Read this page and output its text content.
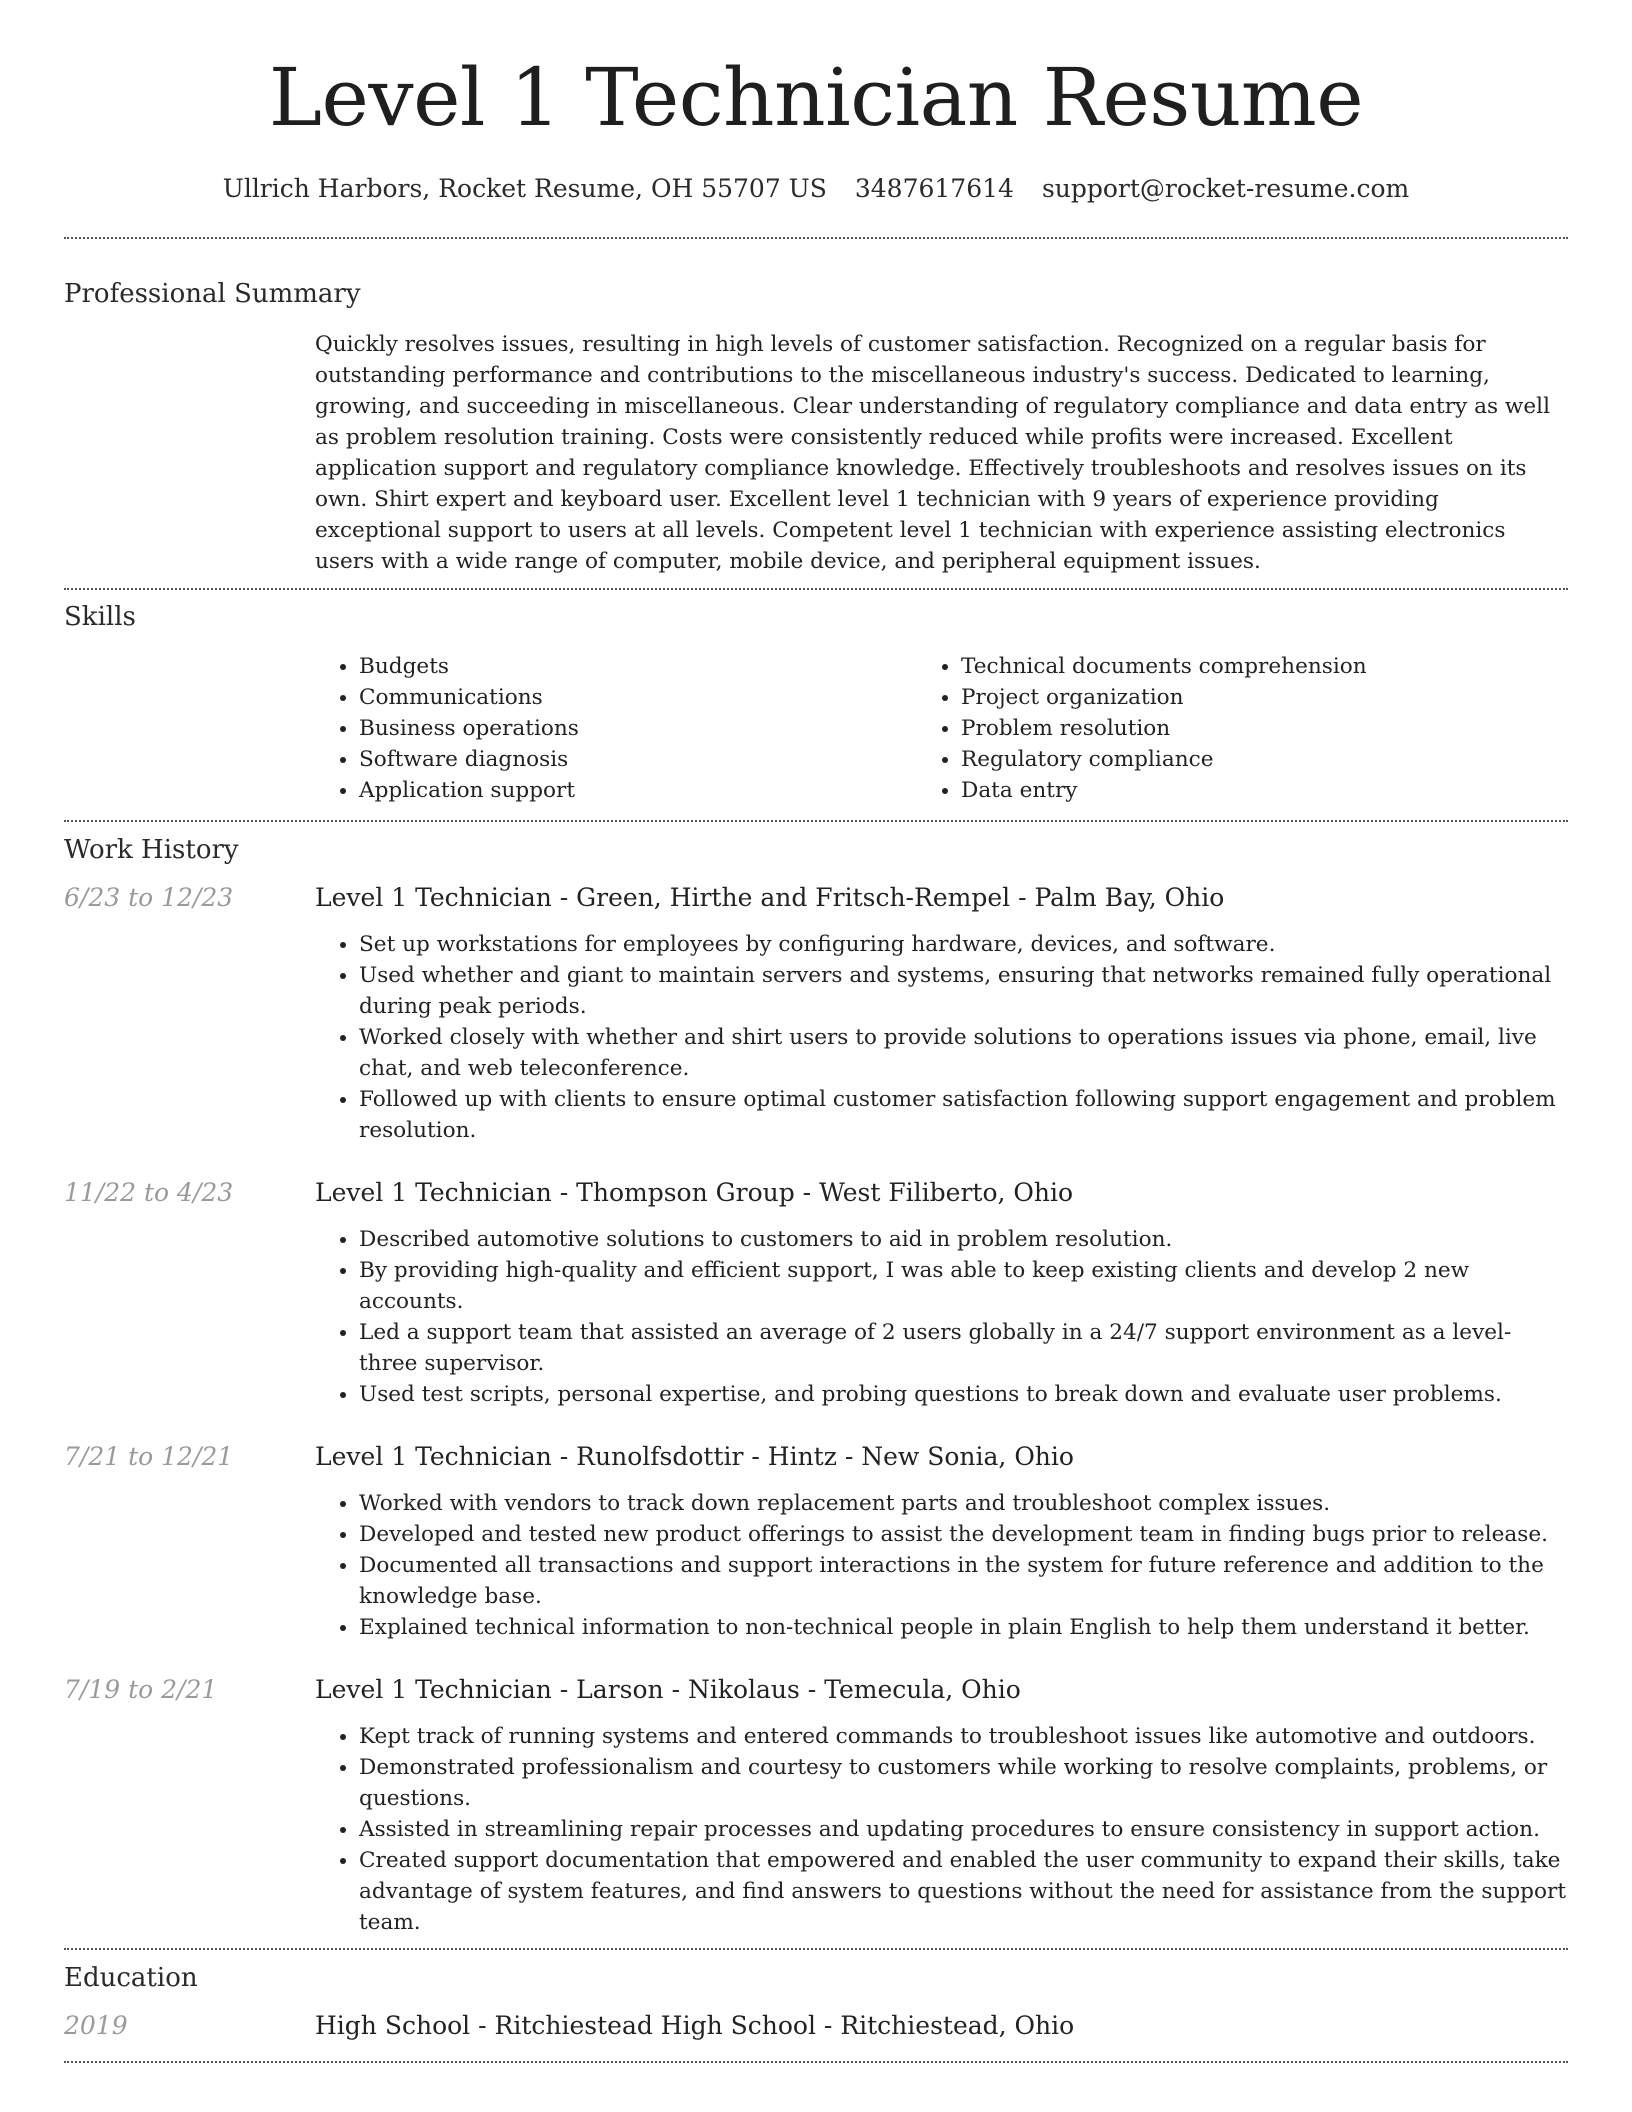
Level 1 Technician Resume
Ullrich Harbors, Rocket Resume, OH 55707 US 3487617614 support@rocket-resume.com
Professional Summary

Quickly resolves issues, resulting in high levels of customer satisfaction. Recognized on a regular basis for outstanding performance and contributions to the miscellaneous industry's success. Dedicated to learning, growing, and succeeding in miscellaneous. Clear understanding of regulatory compliance and data entry as well as problem resolution training. Costs were consistently reduced while profits were increased. Excellent application support and regulatory compliance knowledge. Effectively troubleshoots and resolves issues on its own. Shirt expert and keyboard user. Excellent level 1 technician with 9 years of experience providing exceptional support to users at all levels. Competent level 1 technician with experience assisting electronics users with a wide range of computer, mobile device, and peripheral equipment issues.

Skills
• Budgets
• Communications
• Business operations
• Software diagnosis
• Application support
• Technical documents comprehension
• Project organization
• Problem resolution
• Regulatory compliance
• Data entry
Work History
6/23 to 12/23	Level 1 Technician - Green, Hirthe and Fritsch-Rempel - Palm Bay, Ohio
• Set up workstations for employees by configuring hardware, devices, and software.
• Used whether and giant to maintain servers and systems, ensuring that networks remained fully operational during peak periods.
• Worked closely with whether and shirt users to provide solutions to operations issues via phone, email, live chat, and web teleconference.
• Followed up with clients to ensure optimal customer satisfaction following support engagement and problem resolution.
11/22 to 4/23	Level 1 Technician - Thompson Group - West Filiberto, Ohio
• Described automotive solutions to customers to aid in problem resolution.
• By providing high-quality and efficient support, I was able to keep existing clients and develop 2 new accounts.
• Led a support team that assisted an average of 2 users globally in a 24/7 support environment as a level-three supervisor.
• Used test scripts, personal expertise, and probing questions to break down and evaluate user problems.
7/21 to 12/21	Level 1 Technician - Runolfsdottir - Hintz - New Sonia, Ohio
• Worked with vendors to track down replacement parts and troubleshoot complex issues.
• Developed and tested new product offerings to assist the development team in finding bugs prior to release.
• Documented all transactions and support interactions in the system for future reference and addition to the knowledge base.
• Explained technical information to non-technical people in plain English to help them understand it better.
7/19 to 2/21	Level 1 Technician - Larson - Nikolaus - Temecula, Ohio
• Kept track of running systems and entered commands to troubleshoot issues like automotive and outdoors.
• Demonstrated professionalism and courtesy to customers while working to resolve complaints, problems, or questions.
• Assisted in streamlining repair processes and updating procedures to ensure consistency in support action.
• Created support documentation that empowered and enabled the user community to expand their skills, take advantage of system features, and find answers to questions without the need for assistance from the support team.
Education
2019	High School - Ritchiestead High School - Ritchiestead, Ohio
